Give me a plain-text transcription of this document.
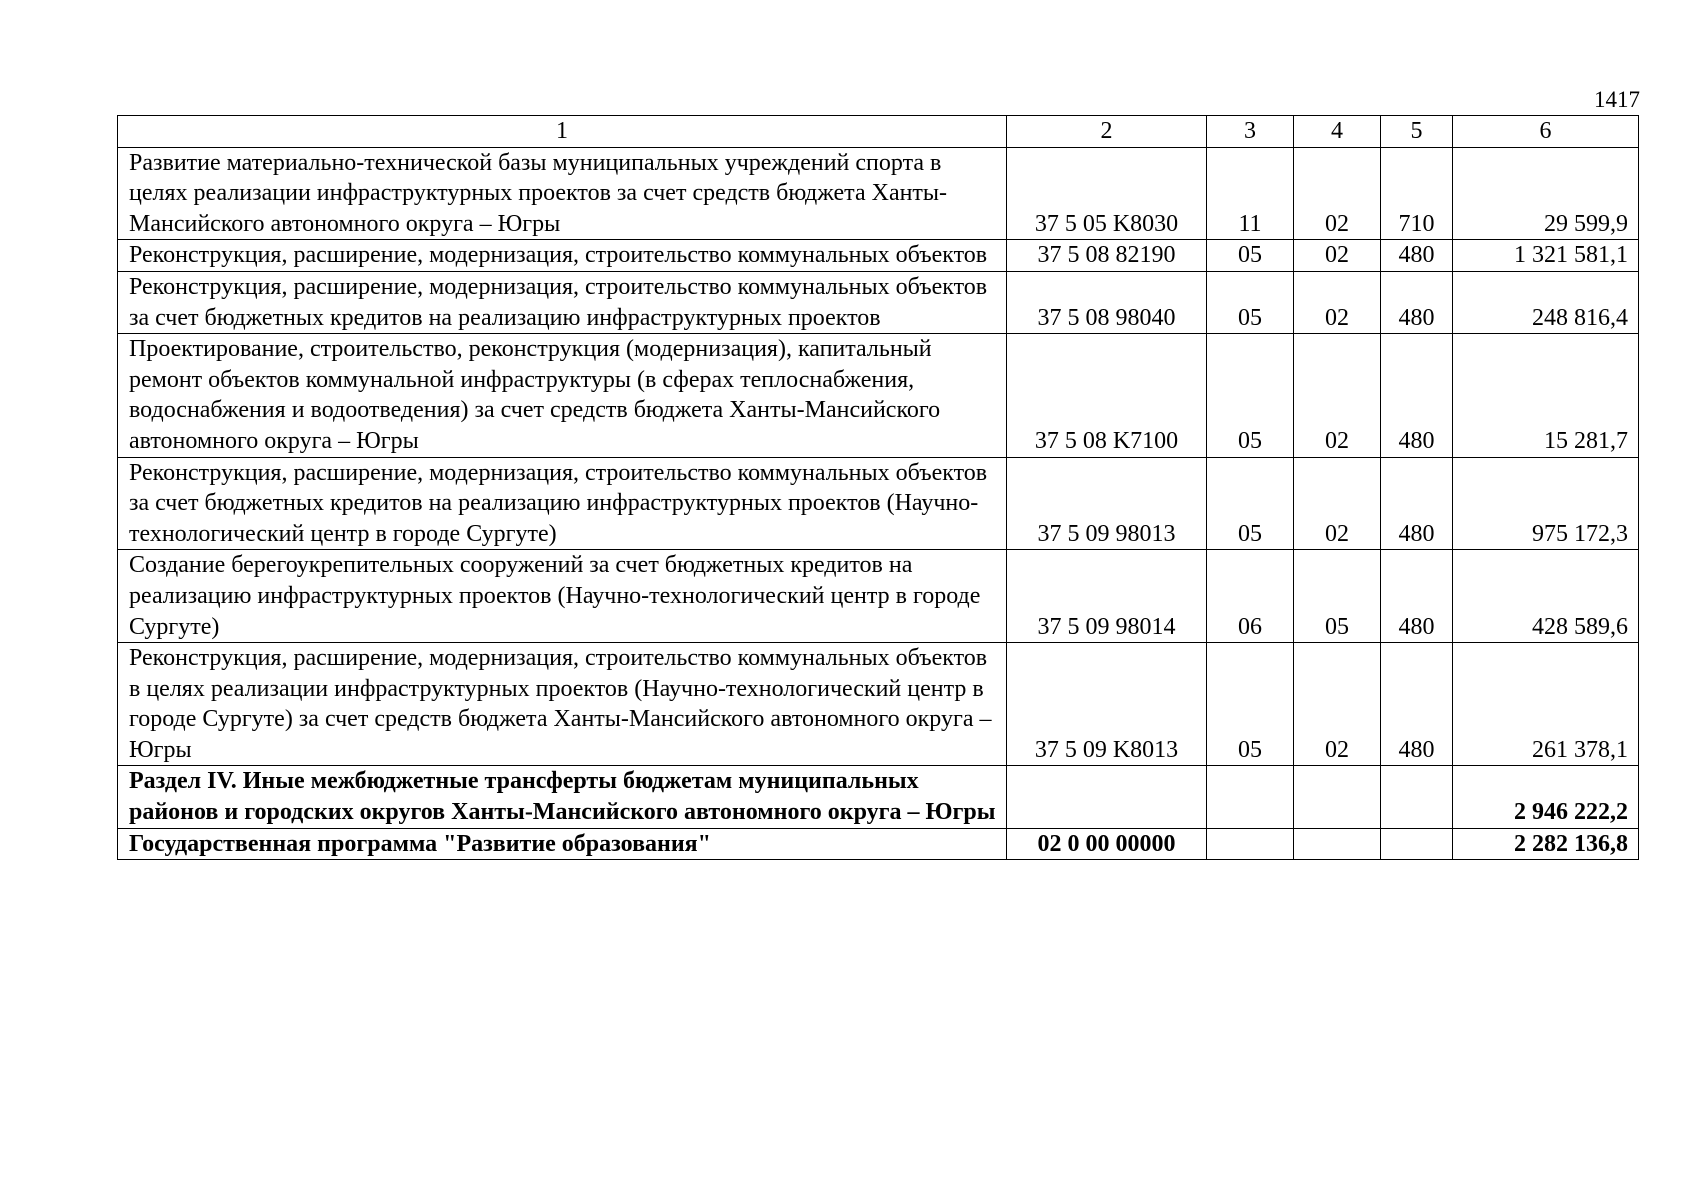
1417
1	2	3	4	5	6
Развитие материально-технической базы муниципальных учреждений спорта в целях реализации инфраструктурных проектов за счет средств бюджета Ханты-Мансийского автономного округа – Югры	37 5 05 K8030	11	02	710	29 599,9
Реконструкция, расширение, модернизация, строительство коммунальных объектов	37 5 08 82190	05	02	480	1 321 581,1
Реконструкция, расширение, модернизация, строительство коммунальных объектов за счет бюджетных кредитов на реализацию инфраструктурных проектов	37 5 08 98040	05	02	480	248 816,4
Проектирование, строительство, реконструкция (модернизация), капитальный ремонт объектов коммунальной инфраструктуры (в сферах теплоснабжения, водоснабжения и водоотведения) за счет средств бюджета Ханты-Мансийского автономного округа – Югры	37 5 08 K7100	05	02	480	15 281,7
Реконструкция, расширение, модернизация, строительство коммунальных объектов за счет бюджетных кредитов на реализацию инфраструктурных проектов (Научно-технологический центр в городе Сургуте)	37 5 09 98013	05	02	480	975 172,3
Создание берегоукрепительных сооружений за счет бюджетных кредитов на реализацию инфраструктурных проектов (Научно-технологический центр в городе Сургуте)	37 5 09 98014	06	05	480	428 589,6
Реконструкция, расширение, модернизация, строительство коммунальных объектов в целях реализации инфраструктурных проектов (Научно-технологический центр в городе Сургуте) за счет средств бюджета Ханты-Мансийского автономного округа – Югры	37 5 09 K8013	05	02	480	261 378,1
Раздел IV. Иные межбюджетные трансферты бюджетам муниципальных районов и городских округов Ханты-Мансийского автономного округа – Югры					2 946 222,2
Государственная программа "Развитие образования"	02 0 00 00000				2 282 136,8
